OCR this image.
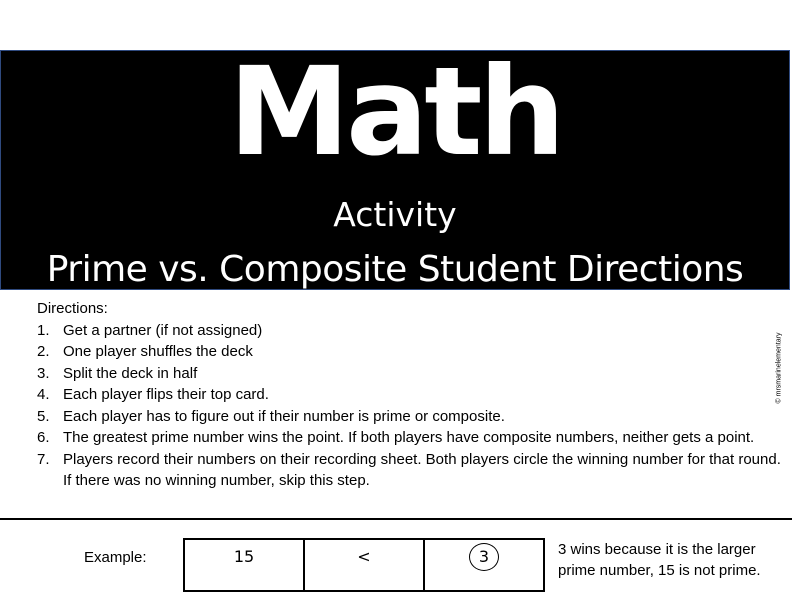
Math
Activity
Prime vs. Composite Student Directions
Directions:
1. Get a partner (if not assigned)
2. One player shuffles the deck
3. Split the deck in half
4. Each player flips their top card.
5. Each player has to figure out if their number is prime or composite.
6. The greatest prime number wins the point. If both players have composite numbers, neither gets a point.
7. Players record their numbers on their recording sheet. Both players circle the winning number for that round. If there was no winning number, skip this step.
© mrsmarinelementary
Example:	15	<	3	3 wins because it is the larger prime number, 15 is not prime.
